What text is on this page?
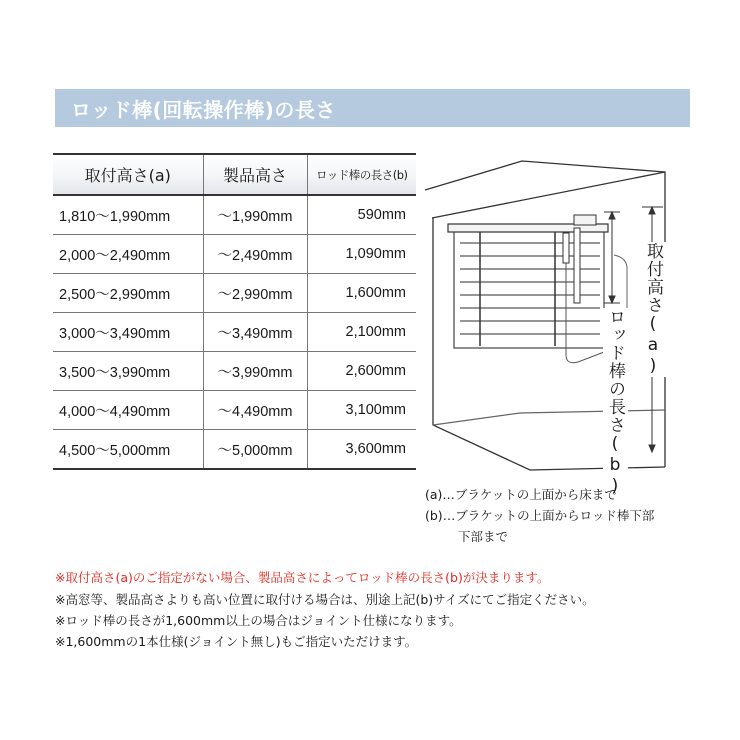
ロッド棒(回転操作棒)の長さ
取付高さ(a)	製品高さ	ロッド棒の長さ(b)
1,810～1,990mm	～1,990mm	590mm
2,000～2,490mm	～2,490mm	1,090mm
2,500～2,990mm	～2,990mm	1,600mm
3,000～3,490mm	～3,490mm	2,100mm
3,500～3,990mm	～3,990mm	2,600mm
4,000～4,490mm	～4,490mm	3,100mm
4,500～5,000mm	～5,000mm	3,600mm
取付高さ(a)
ロッド棒の長さ(b)
(a)…ブラケットの上面から床まで
(b)…ブラケットの上面からロッド棒下部
下部まで
※取付高さ(a)のご指定がない場合、製品高さによってロッド棒の長さ(b)が決まります。
※高窓等、製品高さよりも高い位置に取付ける場合は、別途上記(b)サイズにてご指定ください。
※ロッド棒の長さが1,600mm以上の場合はジョイント仕様になります。
※1,600mmの1本仕様(ジョイント無し)もご指定いただけます。
